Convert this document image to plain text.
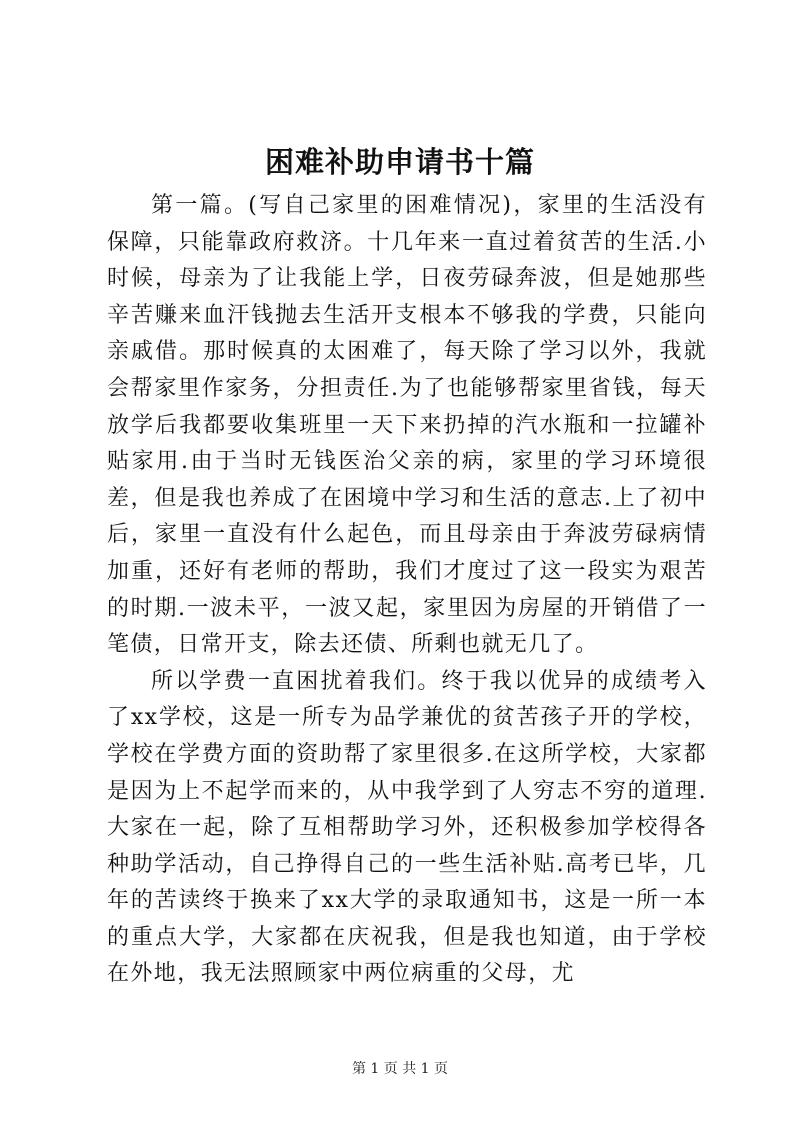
困难补助申请书十篇

第一篇。(写自己家里的困难情况)，家里的生活没有保障，只能靠政府救济。十几年来一直过着贫苦的生活.小时候，母亲为了让我能上学，日夜劳碌奔波，但是她那些辛苦赚来血汗钱抛去生活开支根本不够我的学费，只能向亲戚借。那时候真的太困难了，每天除了学习以外，我就会帮家里作家务，分担责任.为了也能够帮家里省钱，每天放学后我都要收集班里一天下来扔掉的汽水瓶和一拉罐补贴家用.由于当时无钱医治父亲的病，家里的学习环境很差，但是我也养成了在困境中学习和生活的意志.上了初中后，家里一直没有什么起色，而且母亲由于奔波劳碌病情加重，还好有老师的帮助，我们才度过了这一段实为艰苦的时期.一波未平，一波又起，家里因为房屋的开销借了一笔债，日常开支，除去还债、所剩也就无几了。

所以学费一直困扰着我们。终于我以优异的成绩考入了xx学校，这是一所专为品学兼优的贫苦孩子开的学校，学校在学费方面的资助帮了家里很多.在这所学校，大家都是因为上不起学而来的，从中我学到了人穷志不穷的道理.大家在一起，除了互相帮助学习外，还积极参加学校得各种助学活动，自己挣得自己的一些生活补贴.高考已毕，几年的苦读终于换来了xx大学的录取通知书，这是一所一本的重点大学，大家都在庆祝我，但是我也知道，由于学校在外地，我无法照顾家中两位病重的父母，尤

第 1 页 共 1 页
